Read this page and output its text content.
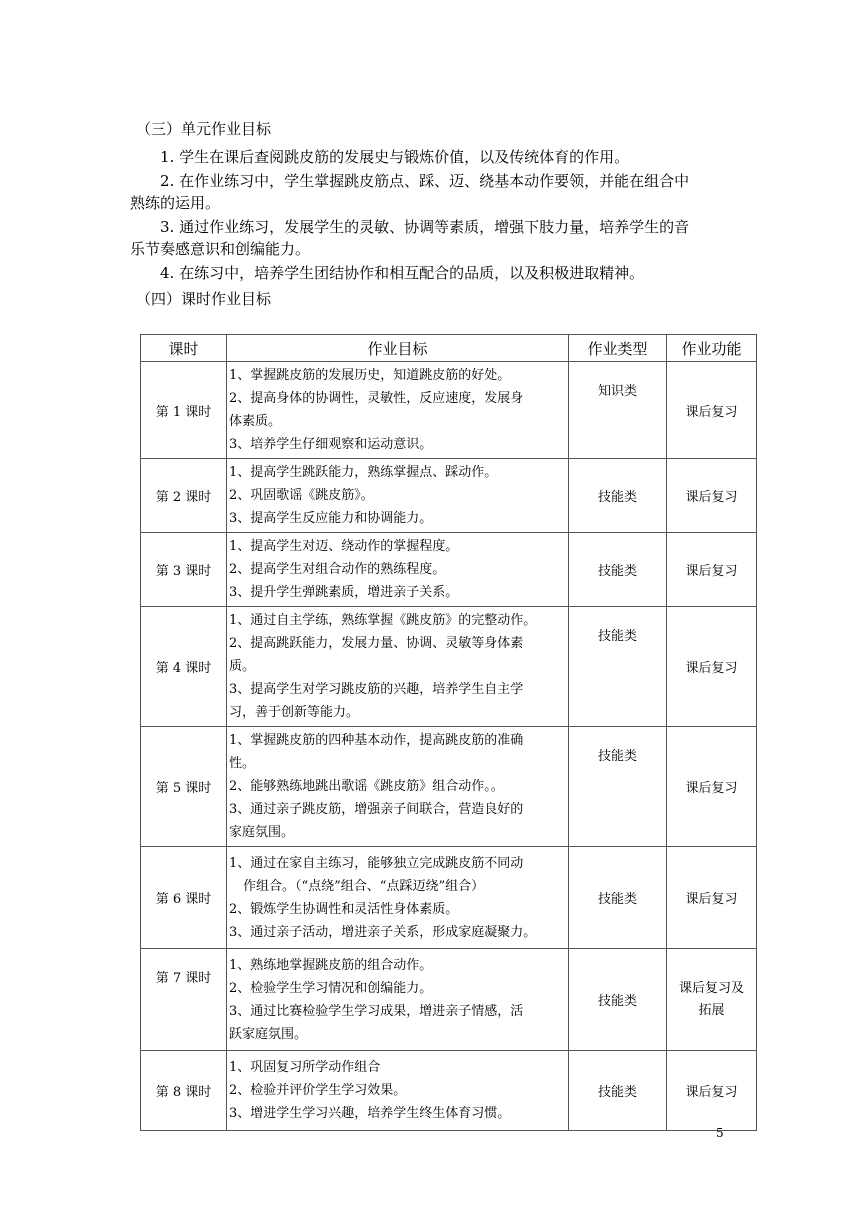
（三）单元作业目标
1. 学生在课后查阅跳皮筋的发展史与锻炼价值，以及传统体育的作用。
2. 在作业练习中，学生掌握跳皮筋点、踩、迈、绕基本动作要领，并能在组合中
熟练的运用。
3. 通过作业练习，发展学生的灵敏、协调等素质，增强下肢力量，培养学生的音
乐节奏感意识和创编能力。
4. 在练习中，培养学生团结协作和相互配合的品质，以及积极进取精神。
（四）课时作业目标
课时	作业目标	作业类型	作业功能
第 1 课时	1、掌握跳皮筋的发展历史，知道跳皮筋的好处。
2、提高身体的协调性，灵敏性，反应速度，发展身
体素质。
3、培养学生仔细观察和运动意识。	知识类	课后复习
第 2 课时	1、提高学生跳跃能力，熟练掌握点、踩动作。
2、巩固歌谣《跳皮筋》。
3、提高学生反应能力和协调能力。	技能类	课后复习
第 3 课时	1、提高学生对迈、绕动作的掌握程度。
2、提高学生对组合动作的熟练程度。
3、提升学生弹跳素质，增进亲子关系。	技能类	课后复习
第 4 课时	1、通过自主学练，熟练掌握《跳皮筋》的完整动作。
2、提高跳跃能力，发展力量、协调、灵敏等身体素
质。
3、提高学生对学习跳皮筋的兴趣，培养学生自主学
习，善于创新等能力。	技能类	课后复习
第 5 课时	1、掌握跳皮筋的四种基本动作，提高跳皮筋的准确
性。
2、能够熟练地跳出歌谣《跳皮筋》组合动作。。
3、通过亲子跳皮筋，增强亲子间联合，营造良好的
家庭氛围。	技能类	课后复习
第 6 课时	1、通过在家自主练习，能够独立完成跳皮筋不同动
作组合。（“点绕”组合、“点踩迈绕”组合）
2、锻炼学生协调性和灵活性身体素质。
3、通过亲子活动，增进亲子关系，形成家庭凝聚力。	技能类	课后复习
第 7 课时	1、熟练地掌握跳皮筋的组合动作。
2、检验学生学习情况和创编能力。
3、通过比赛检验学生学习成果，增进亲子情感，活
跃家庭氛围。	技能类	课后复习及拓展
第 8 课时	1、巩固复习所学动作组合
2、检验并评价学生学习效果。
3、增进学生学习兴趣，培养学生终生体育习惯。	技能类	课后复习
5
